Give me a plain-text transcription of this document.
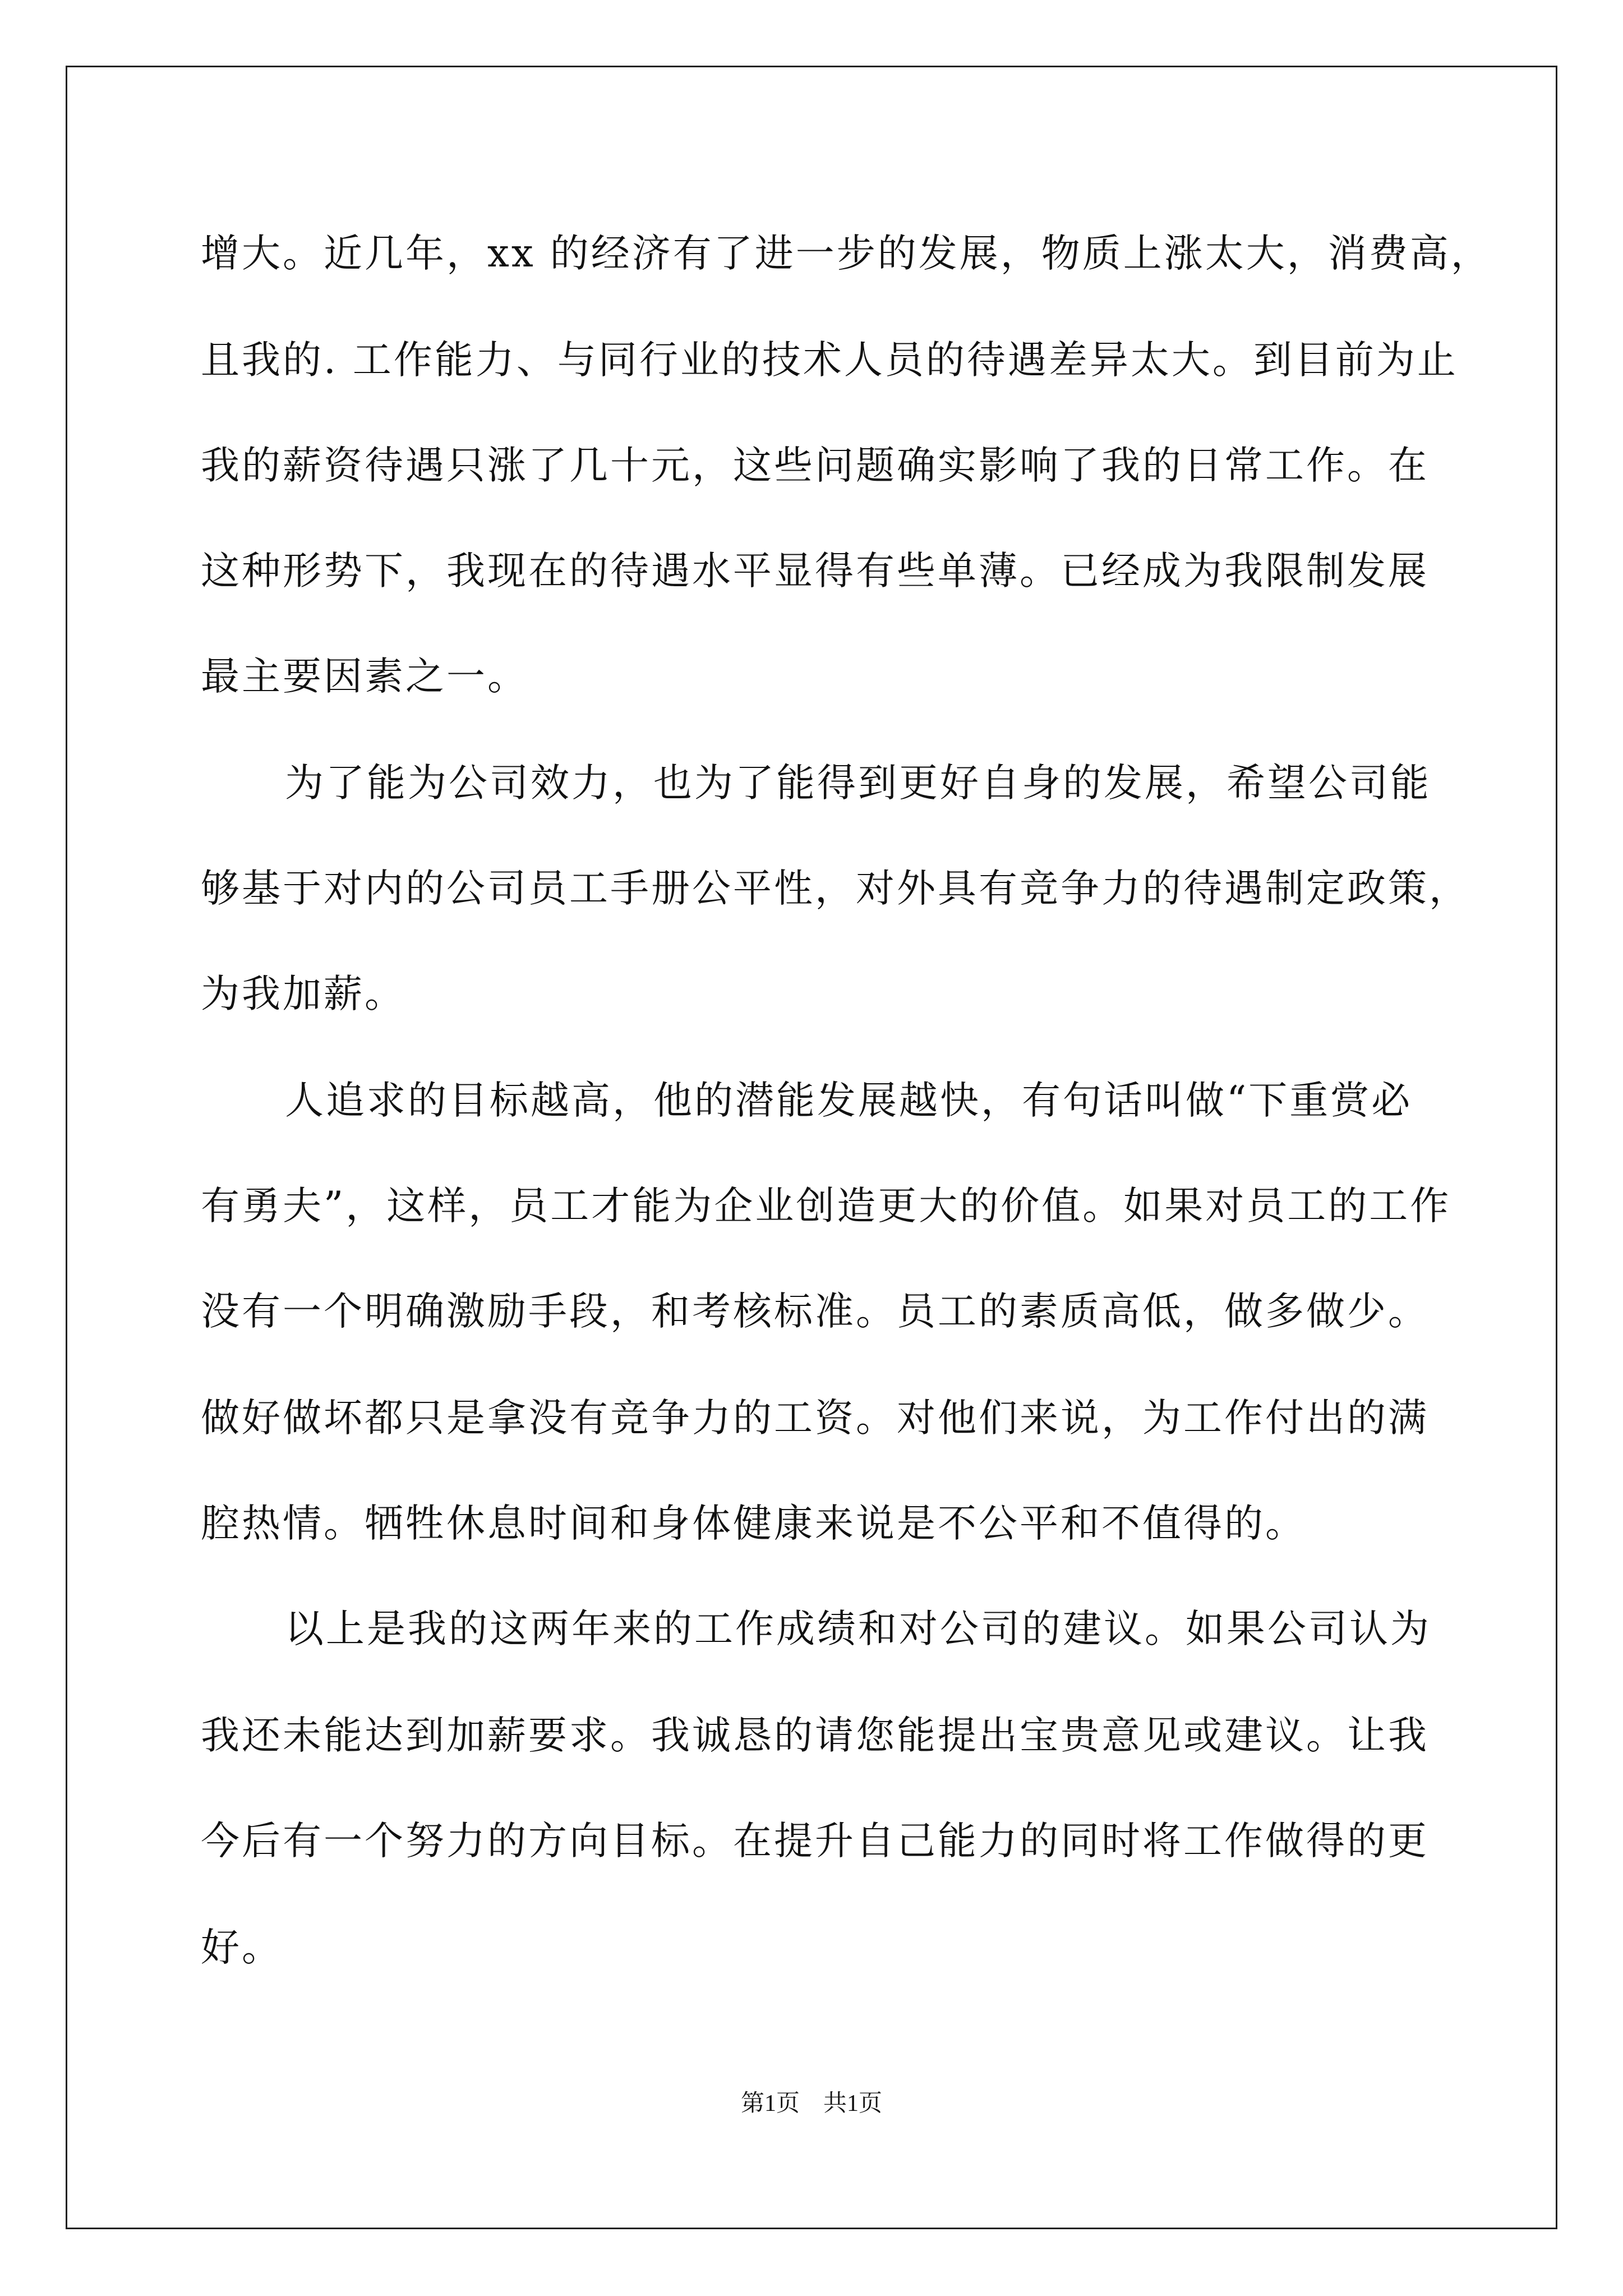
增大。近几年，xx 的经济有了进一步的发展，物质上涨太大，消费高，
且我的. 工作能力、与同行业的技术人员的待遇差异太大。到目前为止
我的薪资待遇只涨了几十元，这些问题确实影响了我的日常工作。在
这种形势下，我现在的待遇水平显得有些单薄。已经成为我限制发展
最主要因素之一。
为了能为公司效力，也为了能得到更好自身的发展，希望公司能
够基于对内的公司员工手册公平性，对外具有竞争力的待遇制定政策，
为我加薪。
人追求的目标越高，他的潜能发展越快，有句话叫做“下重赏必
有勇夫”，这样，员工才能为企业创造更大的价值。如果对员工的工作
没有一个明确激励手段，和考核标准。员工的素质高低，做多做少。
做好做坏都只是拿没有竞争力的工资。对他们来说，为工作付出的满
腔热情。牺牲休息时间和身体健康来说是不公平和不值得的。
以上是我的这两年来的工作成绩和对公司的建议。如果公司认为
我还未能达到加薪要求。我诚恳的请您能提出宝贵意见或建议。让我
今后有一个努力的方向目标。在提升自己能力的同时将工作做得的更
好。
第1页　共1页
